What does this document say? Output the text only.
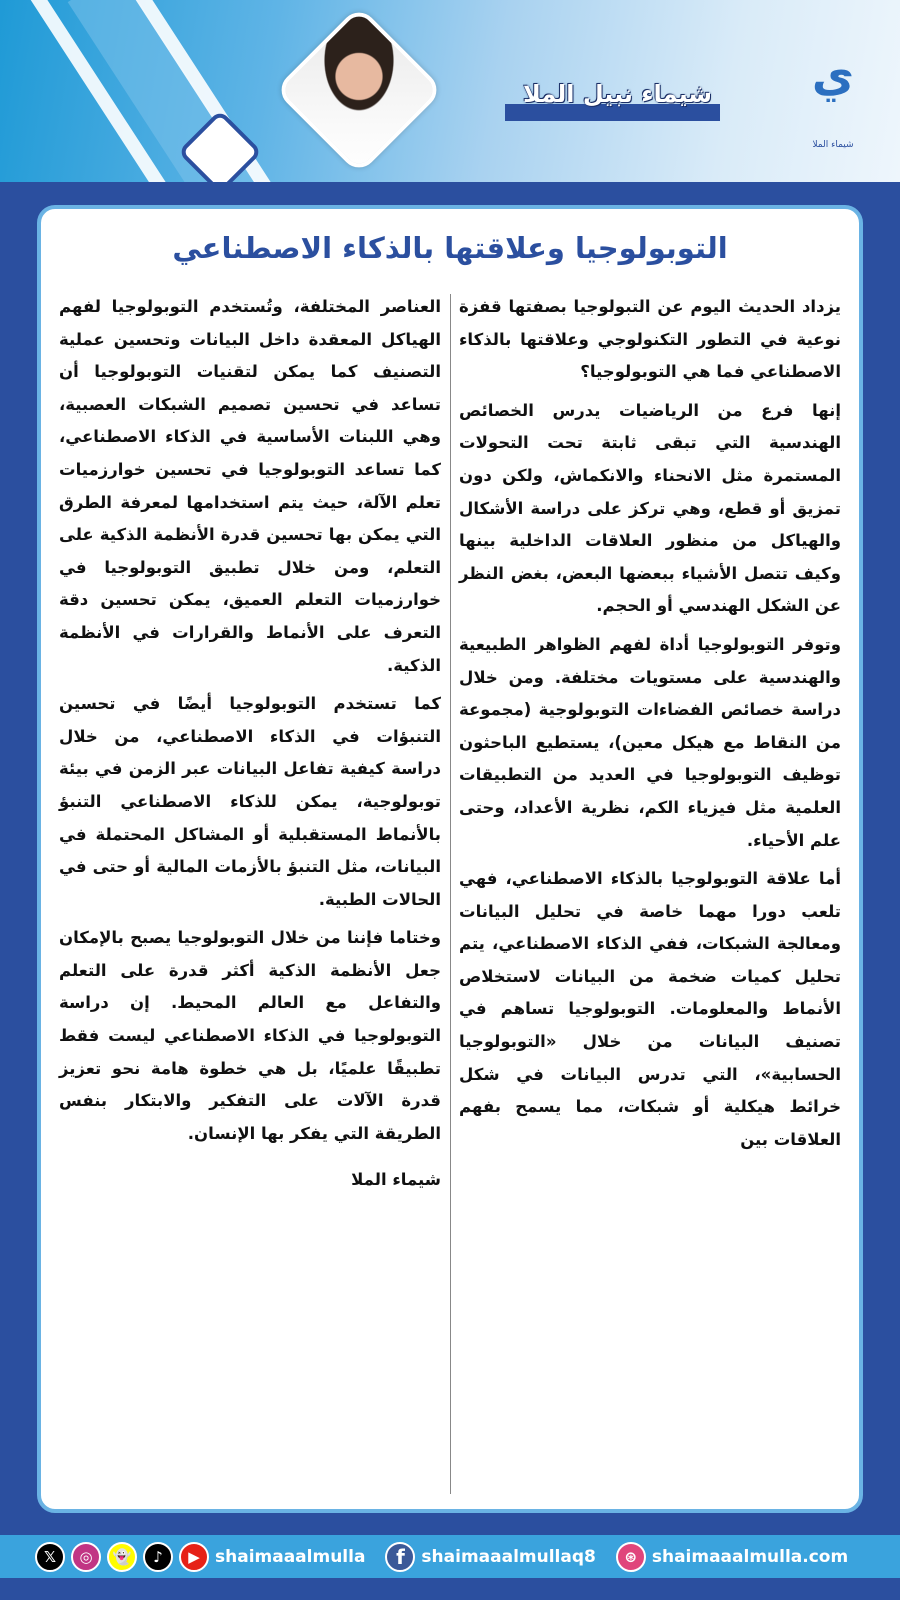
شيماء نبيل الملا ي
شيماء الملا
التوبولوجيا وعلاقتها بالذكاء الاصطناعي

يزداد الحديث اليوم عن التبولوجيا بصفتها قفزة نوعية في التطور التكنولوجي وعلاقتها بالذكاء الاصطناعي فما هي التوبولوجيا؟

إنها فرع من الرياضيات يدرس الخصائص الهندسية التي تبقى ثابتة تحت التحولات المستمرة مثل الانحناء والانكماش، ولكن دون تمزيق أو قطع، وهي تركز على دراسة الأشكال والهياكل من منظور العلاقات الداخلية بينها وكيف تتصل الأشياء ببعضها البعض، بغض النظر عن الشكل الهندسي أو الحجم.

وتوفر التوبولوجيا أداة لفهم الظواهر الطبيعية والهندسية على مستويات مختلفة. ومن خلال دراسة خصائص الفضاءات التوبولوجية (مجموعة من النقاط مع هيكل معين)، يستطيع الباحثون توظيف التوبولوجيا في العديد من التطبيقات العلمية مثل فيزياء الكم، نظرية الأعداد، وحتى علم الأحياء.

أما علاقة التوبولوجيا بالذكاء الاصطناعي، فهي تلعب دورا مهما خاصة في تحليل البيانات ومعالجة الشبكات، ففي الذكاء الاصطناعي، يتم تحليل كميات ضخمة من البيانات لاستخلاص الأنماط والمعلومات. التوبولوجيا تساهم في تصنيف البيانات من خلال «التوبولوجيا الحسابية»، التي تدرس البيانات في شكل خرائط هيكلية أو شبكات، مما يسمح بفهم العلاقات بين

العناصر المختلفة، وتُستخدم التوبولوجيا لفهم الهياكل المعقدة داخل البيانات وتحسين عملية التصنيف كما يمكن لتقنيات التوبولوجيا أن تساعد في تحسين تصميم الشبكات العصبية، وهي اللبنات الأساسية في الذكاء الاصطناعي، كما تساعد التوبولوجيا في تحسين خوارزميات تعلم الآلة، حيث يتم استخدامها لمعرفة الطرق التي يمكن بها تحسين قدرة الأنظمة الذكية على التعلم، ومن خلال تطبيق التوبولوجيا في خوارزميات التعلم العميق، يمكن تحسين دقة التعرف على الأنماط والقرارات في الأنظمة الذكية.

كما تستخدم التوبولوجيا أيضًا في تحسين التنبؤات في الذكاء الاصطناعي، من خلال دراسة كيفية تفاعل البيانات عبر الزمن في بيئة توبولوجية، يمكن للذكاء الاصطناعي التنبؤ بالأنماط المستقبلية أو المشاكل المحتملة في البيانات، مثل التنبؤ بالأزمات المالية أو حتى في الحالات الطبية.

وختاما فإننا من خلال التوبولوجيا يصبح بالإمكان جعل الأنظمة الذكية أكثر قدرة على التعلم والتفاعل مع العالم المحيط. إن دراسة التوبولوجيا في الذكاء الاصطناعي ليست فقط تطبيقًا علميًا، بل هي خطوة هامة نحو تعزيز قدرة الآلات على التفكير والابتكار بنفس الطريقة التي يفكر بها الإنسان.

شيماء الملا

𝕏	◎	👻	♪	▶ shaimaaalmulla	f shaimaaalmullaq8	⊛ shaimaaalmulla.com
